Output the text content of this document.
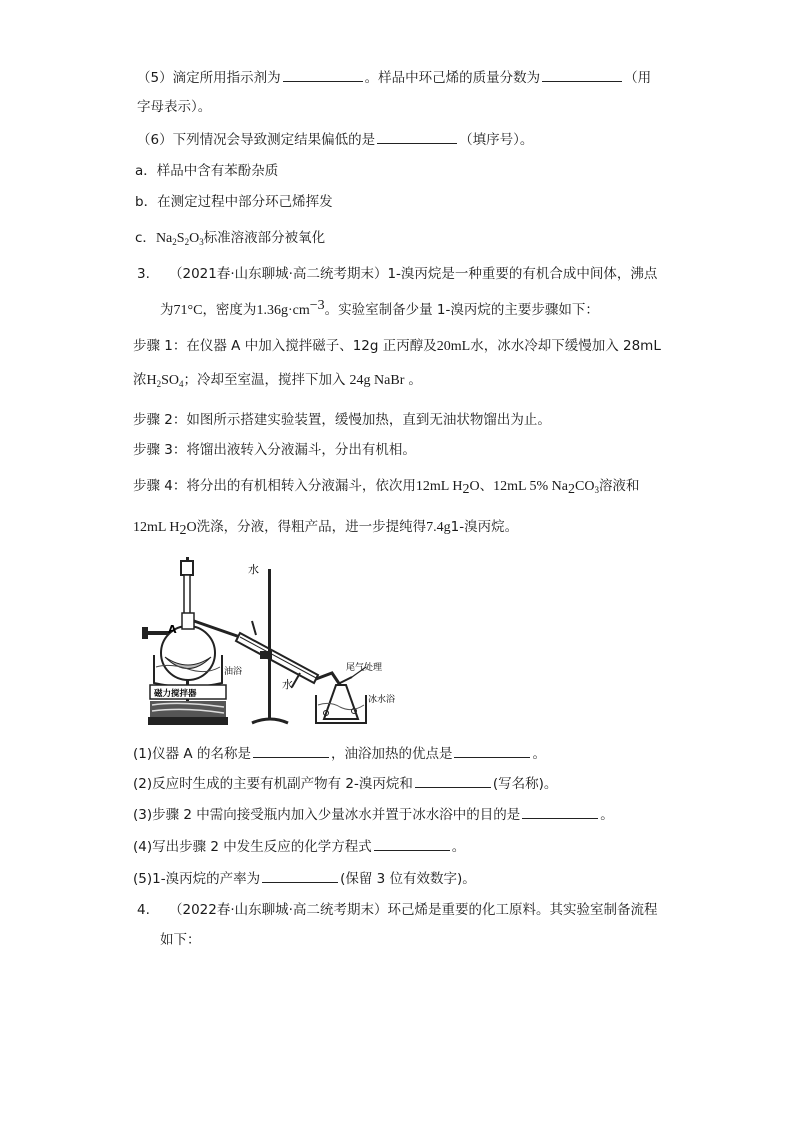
（5）滴定所用指示剂为	。样品中环己烯的质量分数为	（用
字母表示）。
（6）下列情况会导致测定结果偏低的是	（填序号）。
a．样品中含有苯酚杂质
b．在测定过程中部分环己烯挥发
c．$Na_2S_2O_3$标准溶液部分被氧化
3. （2021春·山东聊城·高二统考期末）1-溴丙烷是一种重要的有机合成中间体，沸点
为71°C，密度为$1.36g\cdot cm^{-3}$。实验室制备少量 1-溴丙烷的主要步骤如下：
步骤 1：在仪器 A 中加入搅拌磁子、12g 正丙醇及20mL水，冰水冷却下缓慢加入 28mL
浓$H_2SO_4$；冷却至室温，搅拌下加入 24g NaBr 。
步骤 2：如图所示搭建实验装置，缓慢加热，直到无油状物馏出为止。
步骤 3：将馏出液转入分液漏斗，分出有机相。
步骤 4：将分出的有机相转入分液漏斗，依次用12mL $H_2O$、12mL 5% $Na_2CO_3$溶液和
12mL $H_2O$洗涤，分液，得粗产品，进一步提纯得7.4g1-溴丙烷。
水
A
油浴
磁力搅拌器
水
尾气处理
冰水浴
(1)仪器 A 的名称是	，油浴加热的优点是	。
(2)反应时生成的主要有机副产物有 2-溴丙烷和	(写名称)。
(3)步骤 2 中需向接受瓶内加入少量冰水并置于冰水浴中的目的是	。
(4)写出步骤 2 中发生反应的化学方程式	。
(5)1-溴丙烷的产率为	(保留 3 位有效数字)。
4. （2022春·山东聊城·高二统考期末）环己烯是重要的化工原料。其实验室制备流程
如下：
